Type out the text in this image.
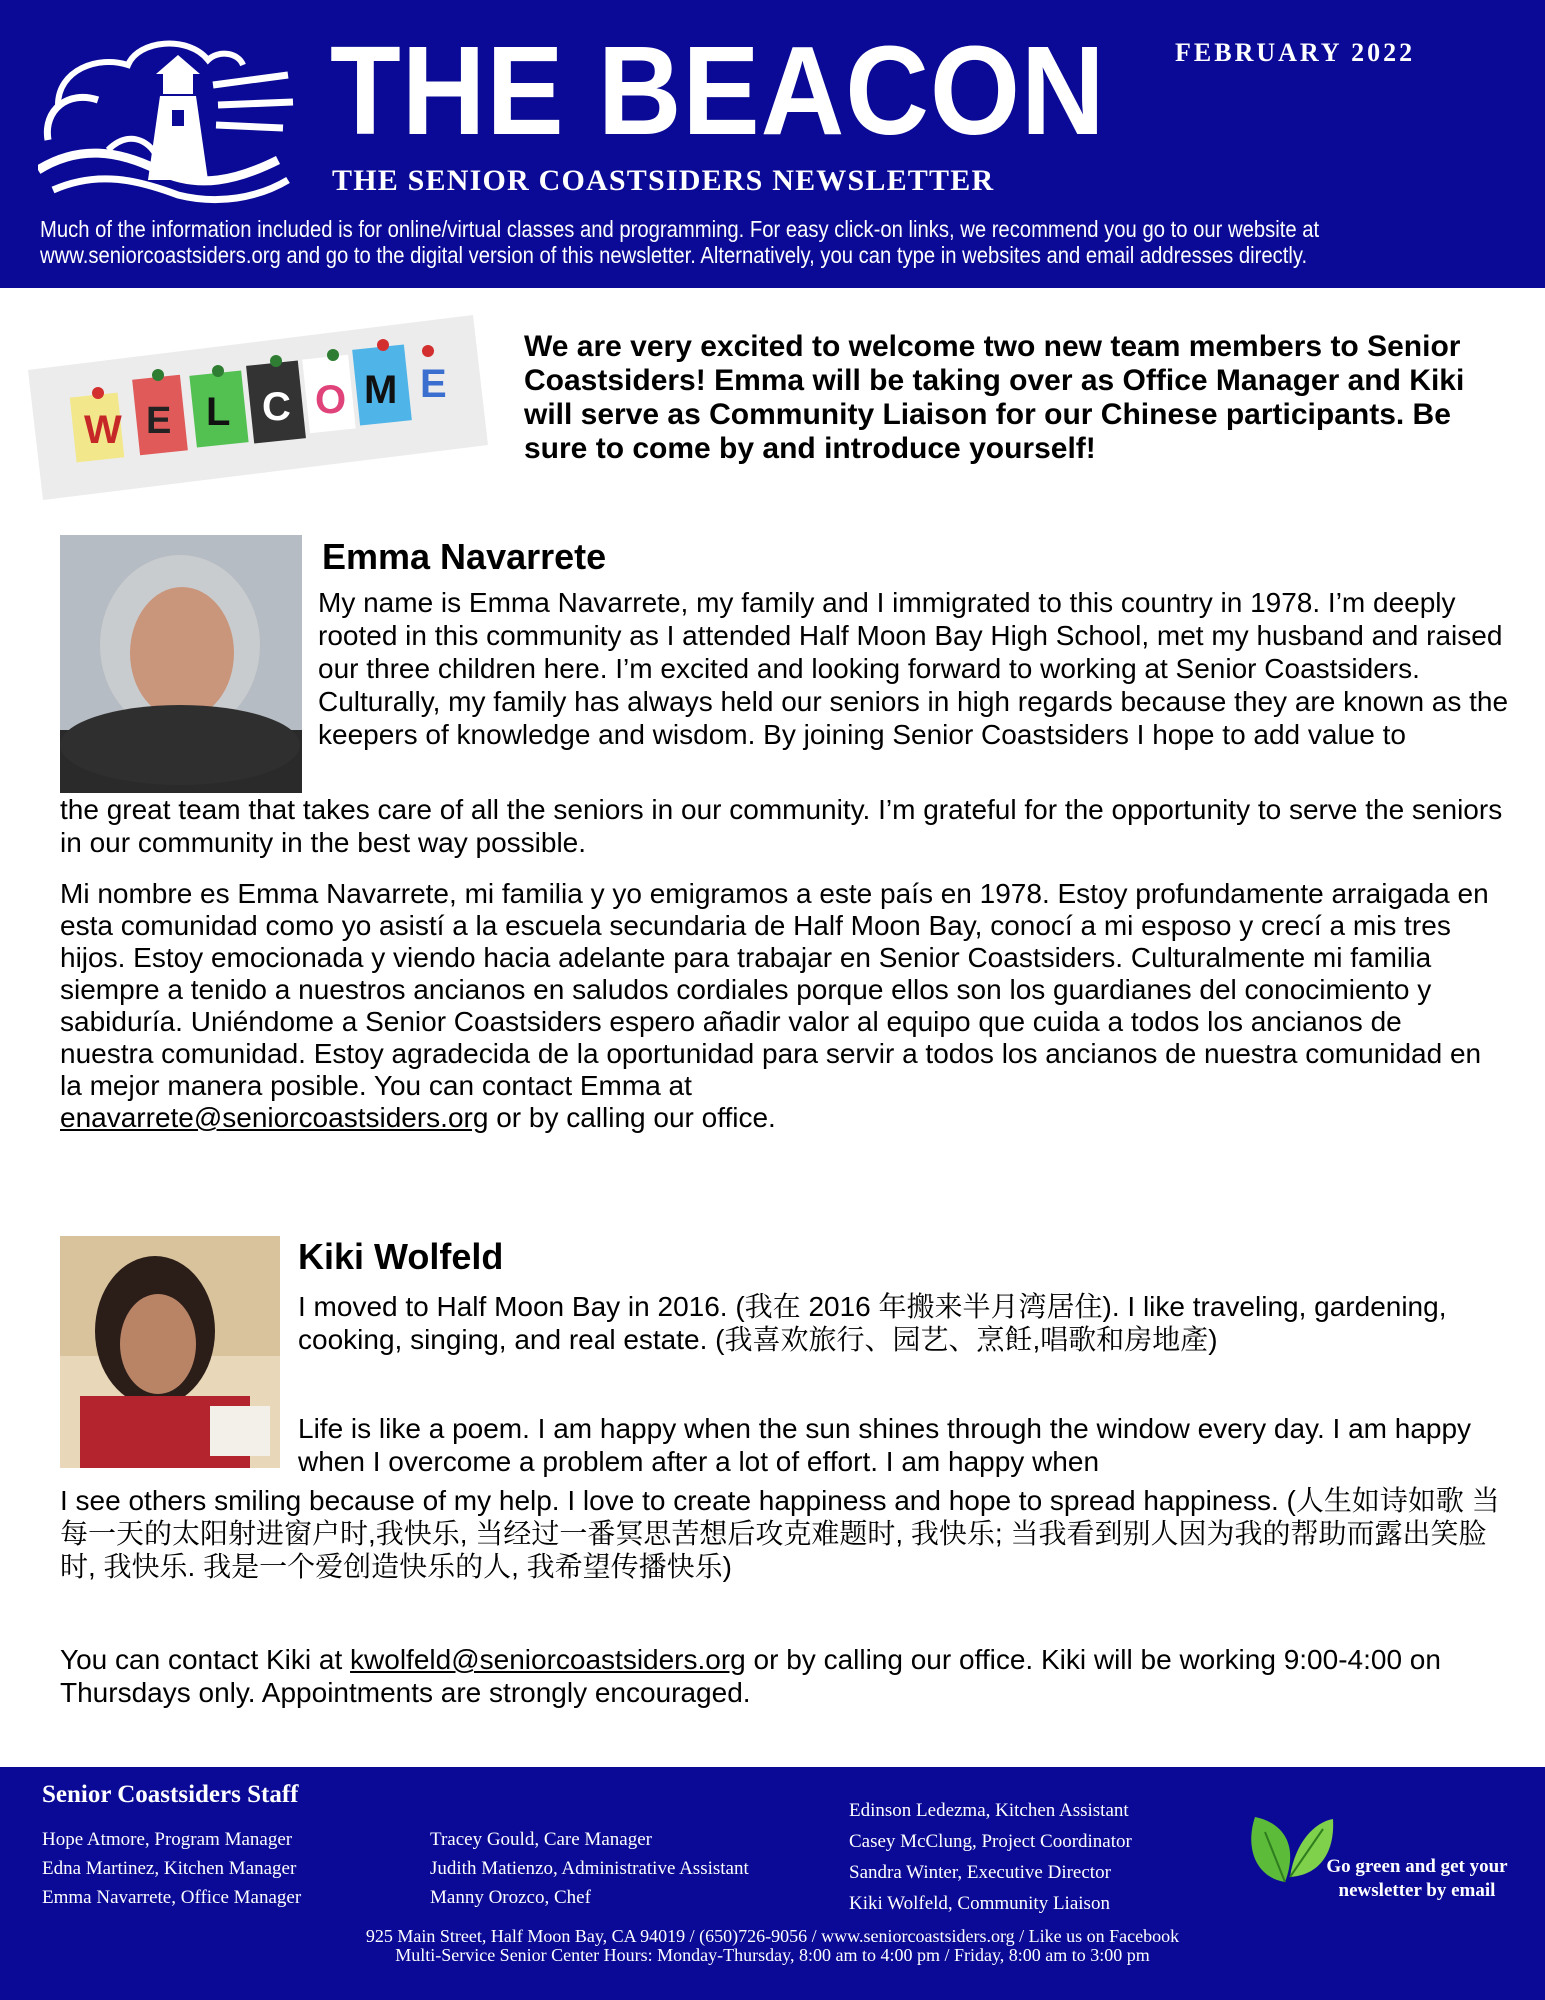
THE BEACON
THE SENIOR COASTSIDERS NEWSLETTER
FEBRUARY 2022
Much of the information included is for online/virtual classes and programming. For easy click-on links, we recommend you go to our website at www.seniorcoastsiders.org and go to the digital version of this newsletter. Alternatively, you can type in websites and email addresses directly.
W E L C O M E
We are very excited to welcome two new team members to Senior Coastsiders! Emma will be taking over as Office Manager and Kiki will serve as Community Liaison for our Chinese participants. Be sure to come by and introduce yourself!
Emma Navarrete
My name is Emma Navarrete, my family and I immigrated to this country in 1978. I’m deeply rooted in this community as I attended Half Moon Bay High School, met my husband and raised our three children here. I’m excited and looking forward to working at Senior Coastsiders. Culturally, my family has always held our seniors in high regards because they are known as the keepers of knowledge and wisdom. By joining Senior Coastsiders I hope to add value to
the great team that takes care of all the seniors in our community. I’m grateful for the opportunity to serve the seniors in our community in the best way possible.
Mi nombre es Emma Navarrete, mi familia y yo emigramos a este país en 1978. Estoy profundamente arraigada en esta comunidad como yo asistí a la escuela secundaria de Half Moon Bay, conocí a mi esposo y crecí a mis tres hijos. Estoy emocionada y viendo hacia adelante para trabajar en Senior Coastsiders. Culturalmente mi familia siempre a tenido a nuestros ancianos en saludos cordiales porque ellos son los guardianes del conocimiento y sabiduría. Uniéndome a Senior Coastsiders espero añadir valor al equipo que cuida a todos los ancianos de nuestra comunidad. Estoy agradecida de la oportunidad para servir a todos los ancianos de nuestra comunidad en la mejor manera posible. You can contact Emma at
enavarrete@seniorcoastsiders.org or by calling our office.
Kiki Wolfeld
I moved to Half Moon Bay in 2016. (我在 2016 年搬来半月湾居住). I like traveling, gardening, cooking, singing, and real estate. (我喜欢旅行、园艺、烹飪,唱歌和房地產)
Life is like a poem. I am happy when the sun shines through the window every day. I am happy when I overcome a problem after a lot of effort. I am happy when
I see others smiling because of my help. I love to create happiness and hope to spread happiness. (人生如诗如歌 当每一天的太阳射进窗户时,我快乐, 当经过一番冥思苦想后攻克难题时, 我快乐; 当我看到别人因为我的帮助而露出笑脸时, 我快乐. 我是一个爱创造快乐的人, 我希望传播快乐)
You can contact Kiki at kwolfeld@seniorcoastsiders.org or by calling our office. Kiki will be working 9:00-4:00 on Thursdays only. Appointments are strongly encouraged.
Senior Coastsiders Staff
Hope Atmore, Program Manager
Edna Martinez, Kitchen Manager
Emma Navarrete, Office Manager
Tracey Gould, Care Manager
Judith Matienzo, Administrative Assistant
Manny Orozco, Chef
Edinson Ledezma, Kitchen Assistant
Casey McClung, Project Coordinator
Sandra Winter, Executive Director
Kiki Wolfeld, Community Liaison
Go green and get your newsletter by email
925 Main Street, Half Moon Bay, CA 94019 / (650)726-9056 / www.seniorcoastsiders.org / Like us on Facebook
Multi-Service Senior Center Hours: Monday-Thursday, 8:00 am to 4:00 pm / Friday, 8:00 am to 3:00 pm
